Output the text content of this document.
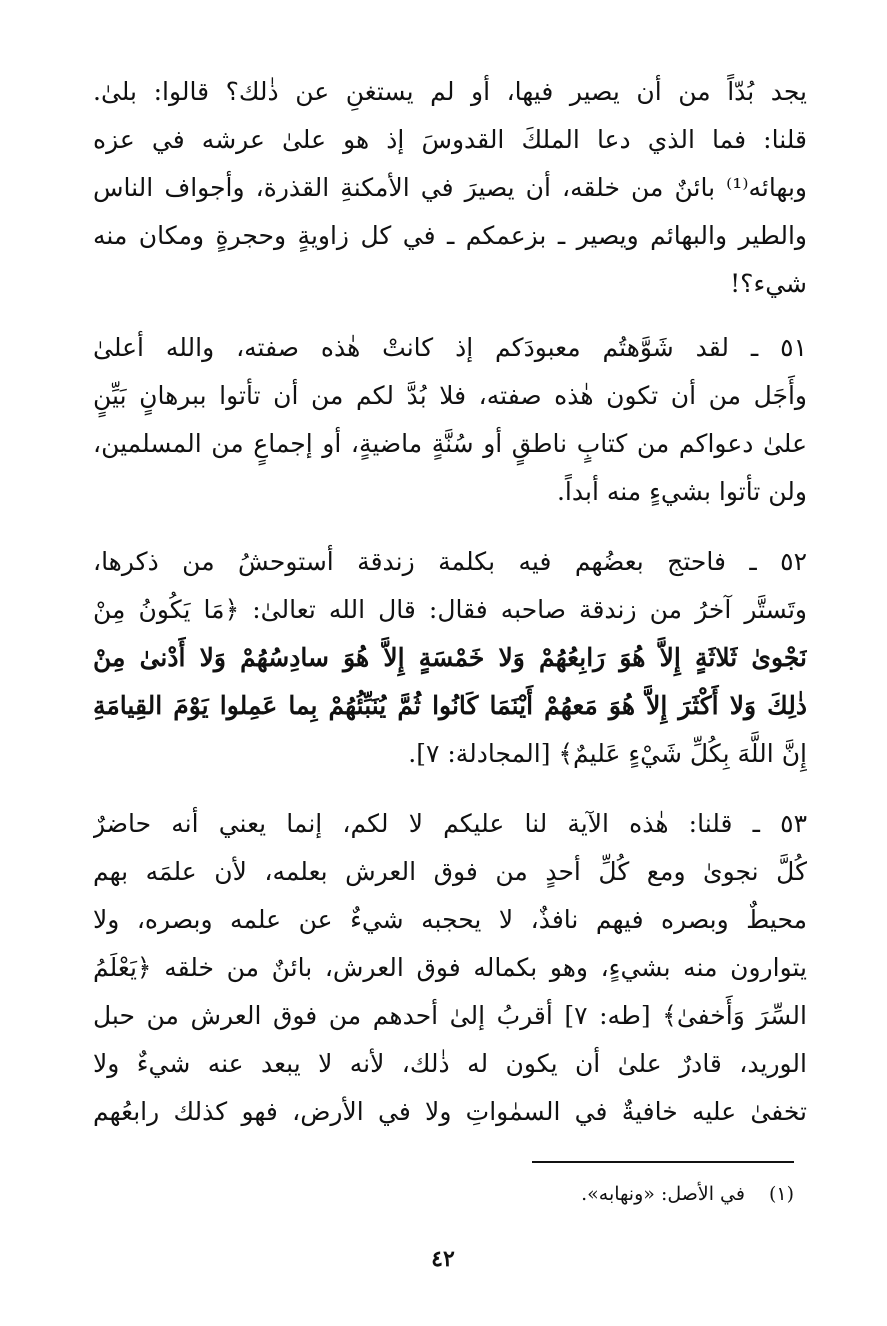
يجد بُدّاً من أن يصير فيها، أو لم يستغنِ عن ذٰلك؟ قالوا: بلىٰ.
قلنا: فما الذي دعا الملكَ القدوسَ إذ هو علىٰ عرشه في عزه
وبهائه⁽¹⁾ بائنٌ من خلقه، أن يصيرَ في الأمكنةِ القذرة، وأجواف الناس
والطير والبهائم ويصير ـ بزعمكم ـ في كل زاويةٍ وحجرةٍ ومكان منه
شيء؟!
٥١ ـ لقد شَوَّهتُم معبودَكم إذ كانتْ هٰذه صفته، والله أعلىٰ
وأَجَل من أن تكون هٰذه صفته، فلا بُدَّ لكم من أن تأتوا ببرهانٍ بَيِّنٍ
علىٰ دعواكم من كتابٍ ناطقٍ أو سُنَّةٍ ماضيةٍ، أو إجماعٍ من المسلمين،
ولن تأتوا بشيءٍ منه أبداً.
٥٢ ـ فاحتج بعضُهم فيه بكلمة زندقة أستوحشُ من ذكرها،
وتَستَّر آخرُ من زندقة صاحبه فقال: قال الله تعالىٰ: ﴿مَا يَكُونُ مِنْ
نَجْوىٰ ثَلاثَةٍ إِلاَّ هُوَ رَابِعُهُمْ وَلا خَمْسَةٍ إِلاَّ هُوَ سادِسُهُمْ وَلا أَدْنىٰ مِنْ
ذٰلِكَ وَلا أَكْثَرَ إِلاَّ هُوَ مَعهُمْ أَيْنَمَا كَانُوا ثُمَّ يُنَبِّئُهُمْ بِما عَمِلوا يَوْمَ القِيامَةِ
إِنَّ اللَّهَ بِكُلِّ شَيْءٍ عَليمٌ﴾ [المجادلة: ٧].
٥٣ ـ قلنا: هٰذه الآية لنا عليكم لا لكم، إنما يعني أنه حاضرٌ
كُلَّ نجوىٰ ومع كُلِّ أحدٍ من فوق العرش بعلمه، لأن علمَه بهم
محيطٌ وبصره فيهم نافذٌ، لا يحجبه شيءٌ عن علمه وبصره، ولا
يتوارون منه بشيءٍ، وهو بكماله فوق العرش، بائنٌ من خلقه ﴿يَعْلَمُ
السِّرَ وَأَخفىٰ﴾ [طه: ٧] أقربُ إلىٰ أحدهم من فوق العرش من حبل
الوريد، قادرٌ علىٰ أن يكون له ذٰلك، لأنه لا يبعد عنه شيءٌ ولا
تخفىٰ عليه خافيةٌ في السمٰواتِ ولا في الأرض، فهو كذلك رابعُهم
(١)في الأصل: «ونهابه».
٤٢
